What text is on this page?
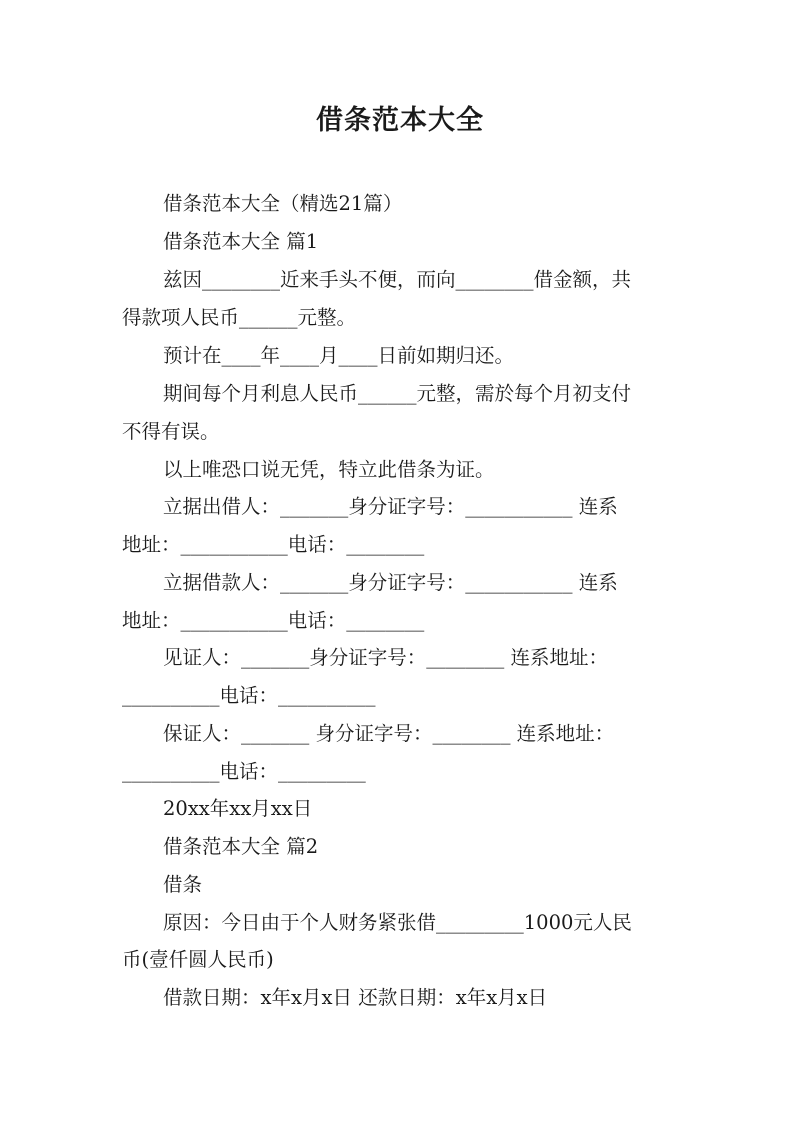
借条范本大全
借条范本大全（精选21篇）
借条范本大全 篇1
兹因________近来手头不便，而向________借金额，共
得款项人民币______元整。
预计在____年____月____日前如期归还。
期间每个月利息人民币______元整，需於每个月初支付
不得有误。
以上唯恐口说无凭，特立此借条为证。
立据出借人：_______身分证字号：___________ 连系
地址：___________电话：________
立据借款人：_______身分证字号：___________ 连系
地址：___________电话：________
见证人：_______身分证字号：________ 连系地址：
__________电话：__________
保证人：_______ 身分证字号：________ 连系地址：
__________电话：_________
20xx年xx月xx日
借条范本大全 篇2
借条
原因：今日由于个人财务紧张借_________1000元人民
币(壹仟圆人民币)
借款日期：x年x月x日 还款日期：x年x月x日
